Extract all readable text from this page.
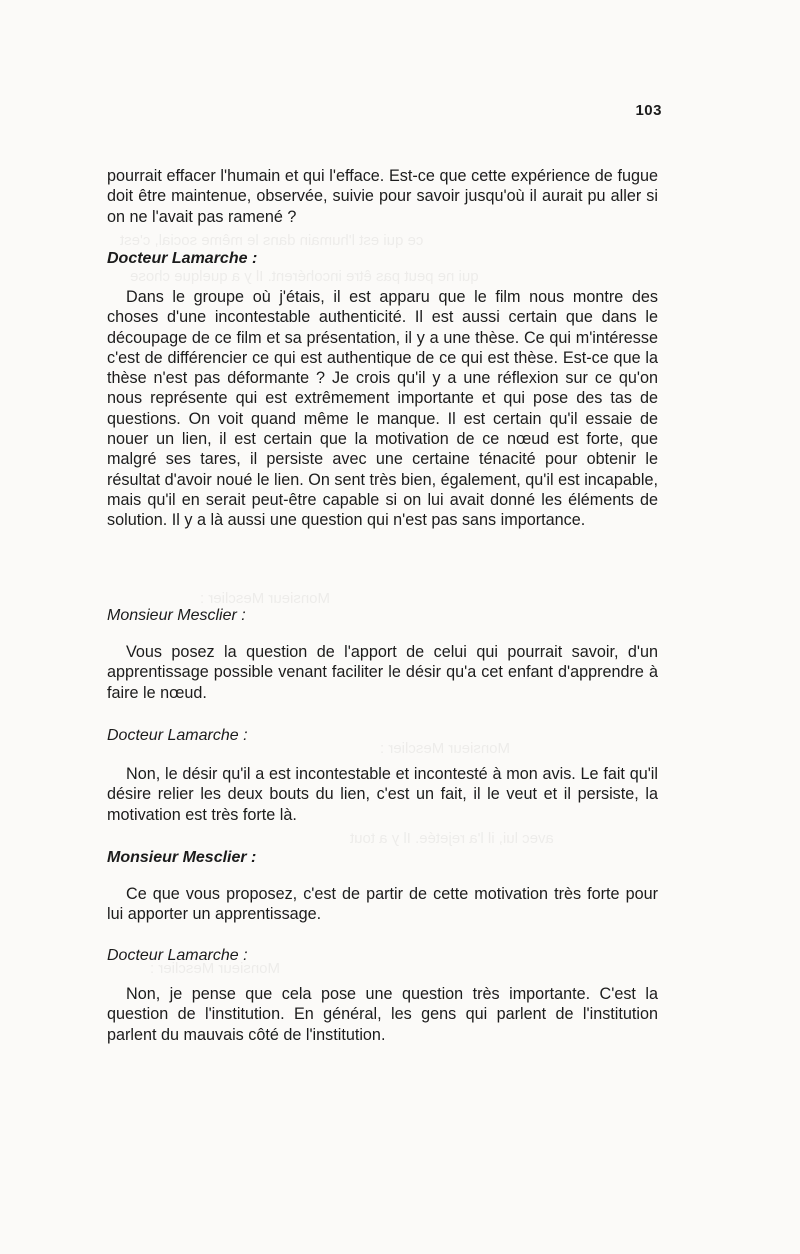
ce qui est l'humain dans le même social, c'est
qui ne peut pas être incohérent. Il y a quelque chose
Monsieur Mesclier :
Monsieur Mesclier :
avec lui, il l'a rejetée. Il y a tout
Monsieur Mesclier :
103

pourrait effacer l'humain et qui l'efface. Est-ce que cette expérience de fugue doit être maintenue, observée, suivie pour savoir jusqu'où il aurait pu aller si on ne l'avait pas ramené ?

Docteur Lamarche :

Dans le groupe où j'étais, il est apparu que le film nous montre des choses d'une incontestable authenticité. Il est aussi certain que dans le découpage de ce film et sa présentation, il y a une thèse. Ce qui m'intéresse c'est de différencier ce qui est authentique de ce qui est thèse. Est-ce que la thèse n'est pas déformante ? Je crois qu'il y a une réflexion sur ce qu'on nous représente qui est extrêmement importante et qui pose des tas de questions. On voit quand même le manque. Il est certain qu'il essaie de nouer un lien, il est certain que la motivation de ce nœud est forte, que malgré ses tares, il persiste avec une certaine ténacité pour obtenir le résultat d'avoir noué le lien. On sent très bien, également, qu'il est incapable, mais qu'il en serait peut-être capable si on lui avait donné les éléments de solution. Il y a là aussi une question qui n'est pas sans importance.

Monsieur Mesclier :

Vous posez la question de l'apport de celui qui pourrait savoir, d'un apprentissage possible venant faciliter le désir qu'a cet enfant d'apprendre à faire le nœud.

Docteur Lamarche :

Non, le désir qu'il a est incontestable et incontesté à mon avis. Le fait qu'il désire relier les deux bouts du lien, c'est un fait, il le veut et il persiste, la motivation est très forte là.

Monsieur Mesclier :

Ce que vous proposez, c'est de partir de cette motivation très forte pour lui apporter un apprentissage.

Docteur Lamarche :

Non, je pense que cela pose une question très importante. C'est la question de l'institution. En général, les gens qui parlent de l'institution parlent du mauvais côté de l'institution.
